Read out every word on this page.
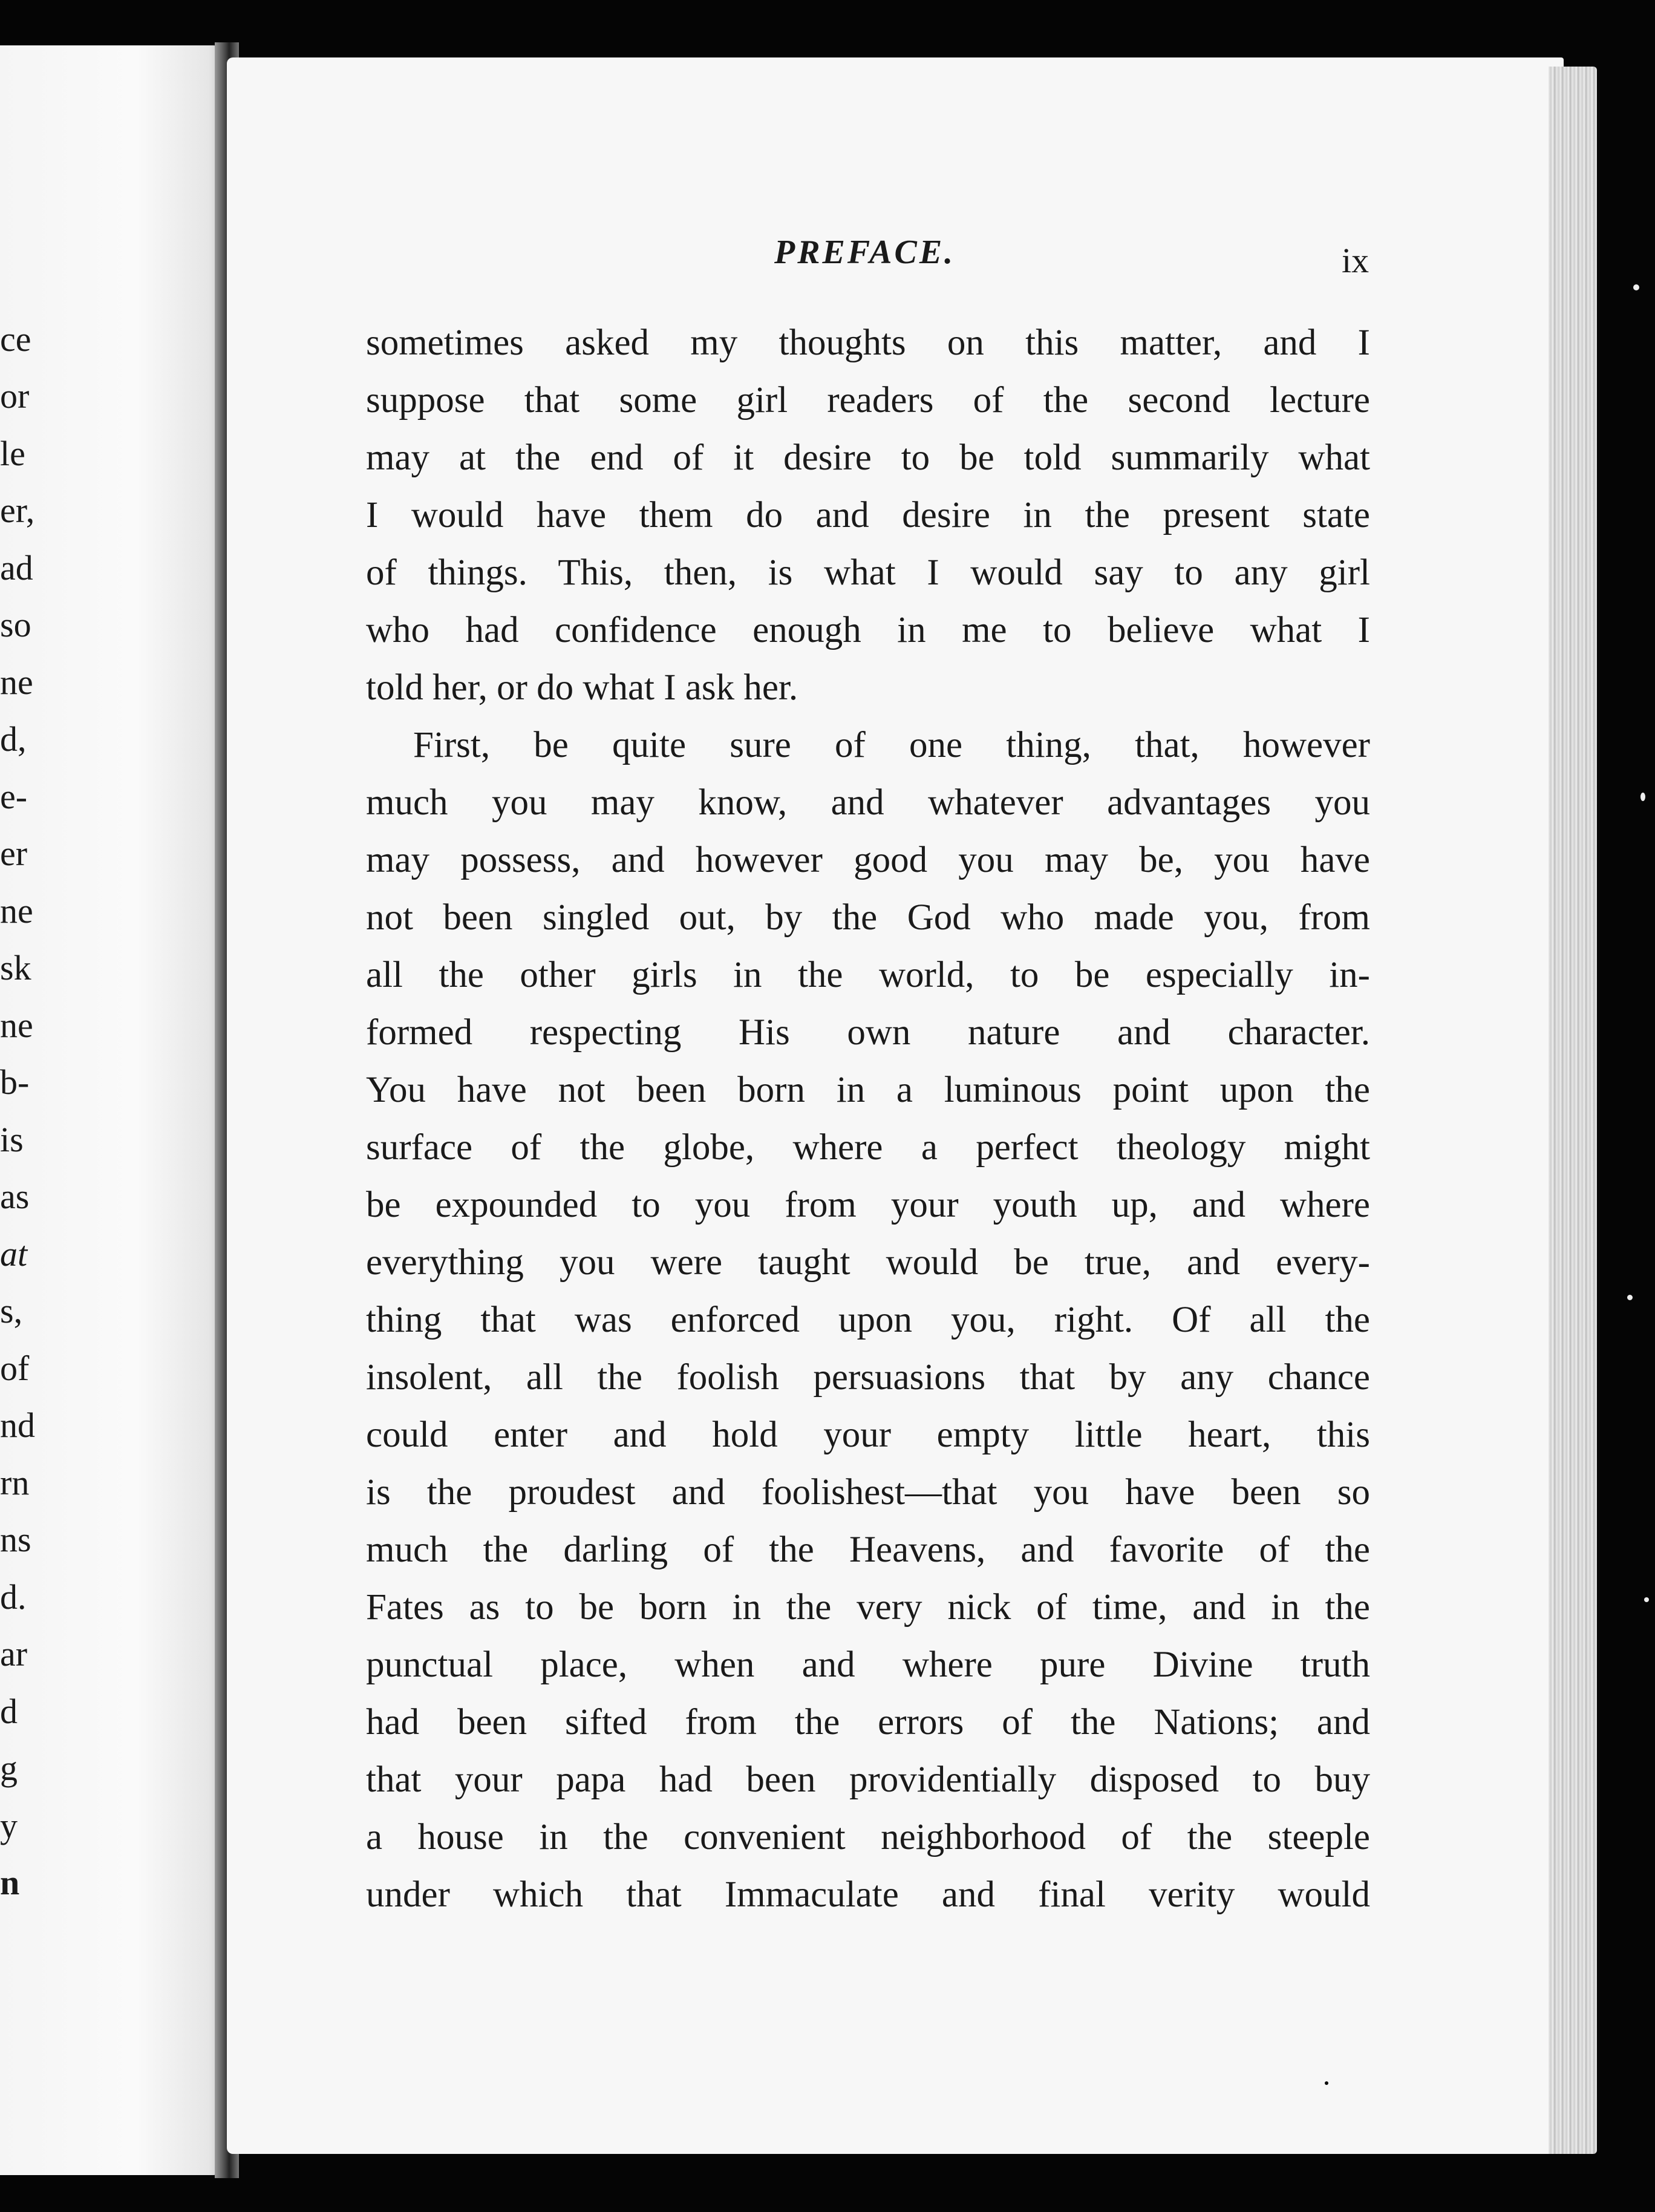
ce

or

le

er,

ad

so

ne

d,

e-

er

ne

sk

ne

b-

is

as

at

s,

of

nd

rn

ns

d.

ar

d

g

y

n

PREFACE.	ix

sometimes asked my thoughts on this matter, and I

suppose that some girl readers of the second lecture

may at the end of it desire to be told summarily what

I would have them do and desire in the present state

of things. This, then, is what I would say to any girl

who had confidence enough in me to believe what I

told her, or do what I ask her.

First, be quite sure of one thing, that, however

much you may know, and whatever advantages you

may possess, and however good you may be, you have

not been singled out, by the God who made you, from

all the other girls in the world, to be especially in-

formed respecting His own nature and character.

You have not been born in a luminous point upon the

surface of the globe, where a perfect theology might

be expounded to you from your youth up, and where

everything you were taught would be true, and every-

thing that was enforced upon you, right. Of all the

insolent, all the foolish persuasions that by any chance

could enter and hold your empty little heart, this

is the proudest and foolishest—that you have been so

much the darling of the Heavens, and favorite of the

Fates as to be born in the very nick of time, and in the

punctual place, when and where pure Divine truth

had been sifted from the errors of the Nations; and

that your papa had been providentially disposed to buy

a house in the convenient neighborhood of the steeple

under which that Immaculate and final verity would
